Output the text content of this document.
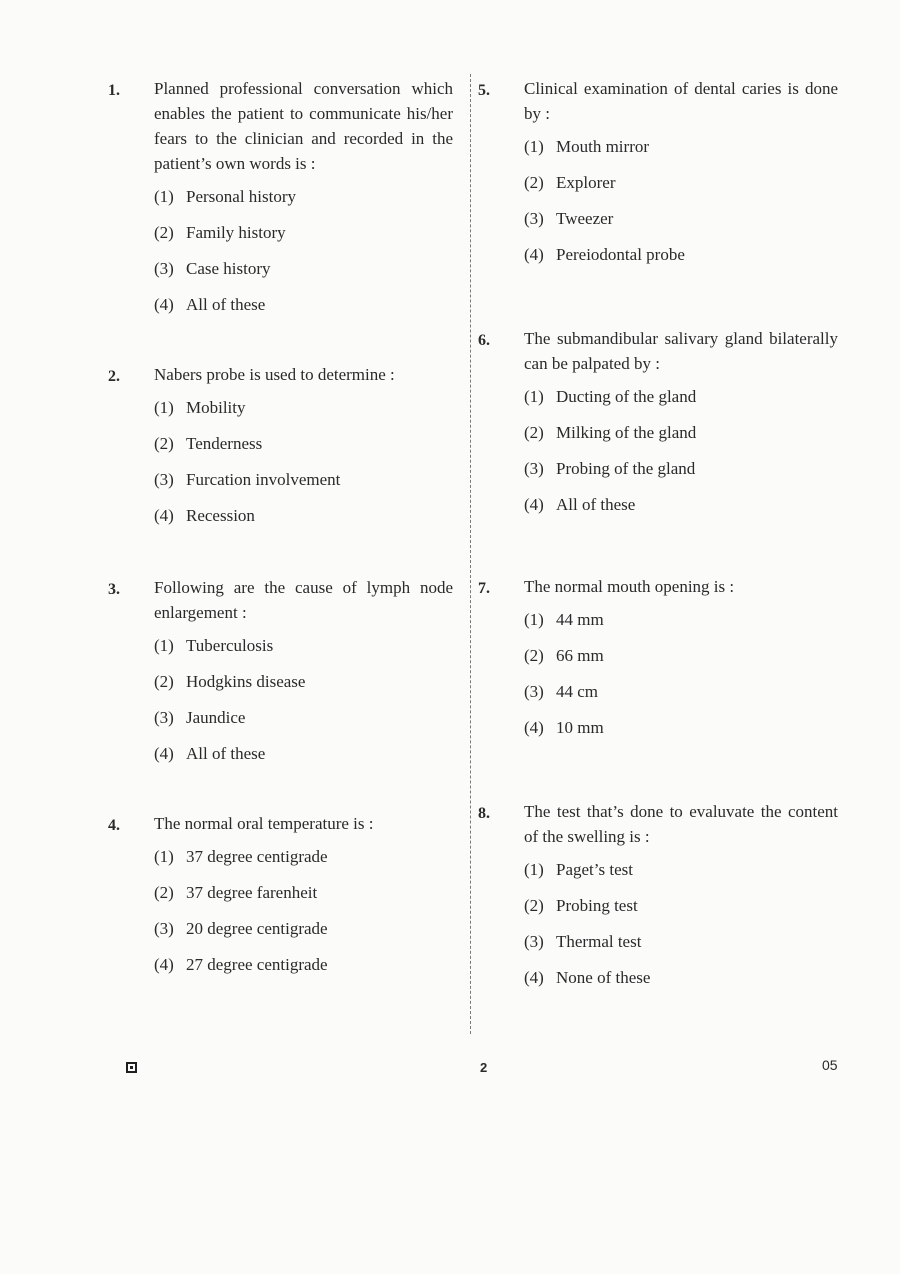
1. Planned professional conversation which enables the patient to communicate his/her fears to the clinician and recorded in the patient’s own words is :

(1) Personal history
(2) Family history
(3) Case history
(4) All of these
2. Nabers probe is used to determine :

(1) Mobility
(2) Tenderness
(3) Furcation involvement
(4) Recession
3. Following are the cause of lymph node enlargement :

(1) Tuberculosis
(2) Hodgkins disease
(3) Jaundice
(4) All of these
4. The normal oral temperature is :

(1) 37 degree centigrade
(2) 37 degree farenheit
(3) 20 degree centigrade
(4) 27 degree centigrade
5. Clinical examination of dental caries is done by :

(1) Mouth mirror
(2) Explorer
(3) Tweezer
(4) Pereiodontal probe
6. The submandibular salivary gland bilaterally can be palpated by :

(1) Ducting of the gland
(2) Milking of the gland
(3) Probing of the gland
(4) All of these
7. The normal mouth opening is :

(1) 44 mm
(2) 66 mm
(3) 44 cm
(4) 10 mm
8. The test that’s done to evaluvate the content of the swelling is :

(1) Paget’s test
(2) Probing test
(3) Thermal test
(4) None of these
2	05
